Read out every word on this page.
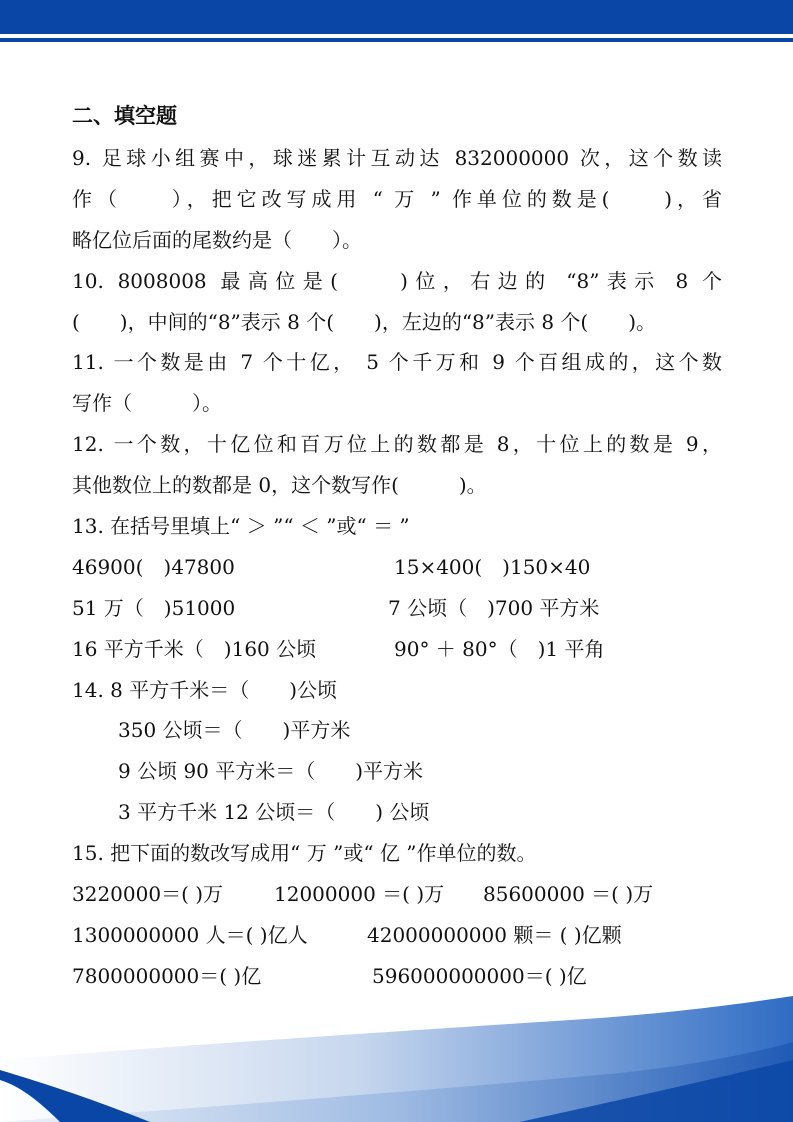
二、填空题
9. 足球小组赛中，球迷累计互动达 832000000 次，这个数读
作（　　），把它改写成用 “ 万 ” 作单位的数是(　　)，省
略亿位后面的尾数约是（　　）。
10. 8008008 最高位是(　　)位，右边的 “8”表示 8 个
(　　)，中间的“8”表示 8 个(　　)，左边的“8”表示 8 个(　　)。
11. 一个数是由 7 个十亿， 5 个千万和 9 个百组成的，这个数
写作（　　　）。
12. 一个数，十亿位和百万位上的数都是 8，十位上的数是 9，
其他数位上的数都是 0，这个数写作(　　　)。
13. 在括号里填上“ ＞ ”“ ＜ ”或“ ＝ ”
46900(　)47800	15×400(　)150×40
51 万（　)51000	7 公顷（　)700 平方米
16 平方千米（　)160 公顷	90° ＋ 80°（　)1 平角
14. 8 平方千米＝（　　)公顷
350 公顷＝（　　)平方米
9 公顷 90 平方米＝（　　)平方米
3 平方千米 12 公顷＝（　　) 公顷
15. 把下面的数改写成用“ 万 ”或“ 亿 ”作单位的数。
3220000＝( )万	12000000 ＝( )万 85600000 ＝( )万
1300000000 人＝( )亿人	42000000000 颗＝ ( )亿颗
7800000000＝( )亿	596000000000＝( )亿
